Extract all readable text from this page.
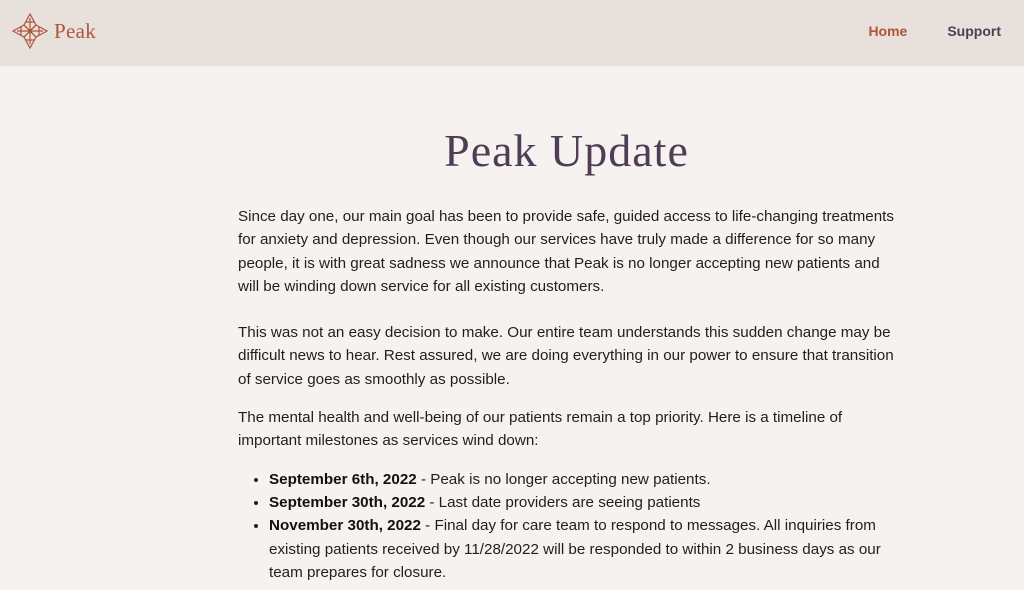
Peak	Home	Support
Peak Update

Since day one, our main goal has been to provide safe, guided access to life-changing treatments for anxiety and depression. Even though our services have truly made a difference for so many people, it is with great sadness we announce that Peak is no longer accepting new patients and will be winding down service for all existing customers.

This was not an easy decision to make. Our entire team understands this sudden change may be difficult news to hear. Rest assured, we are doing everything in our power to ensure that transition of service goes as smoothly as possible.

The mental health and well-being of our patients remain a top priority. Here is a timeline of important milestones as services wind down:

• September 6th, 2022 - Peak is no longer accepting new patients.
• September 30th, 2022 - Last date providers are seeing patients
• November 30th, 2022 - Final day for care team to respond to messages. All inquiries from existing patients received by 11/28/2022 will be responded to within 2 business days as our team prepares for closure.
